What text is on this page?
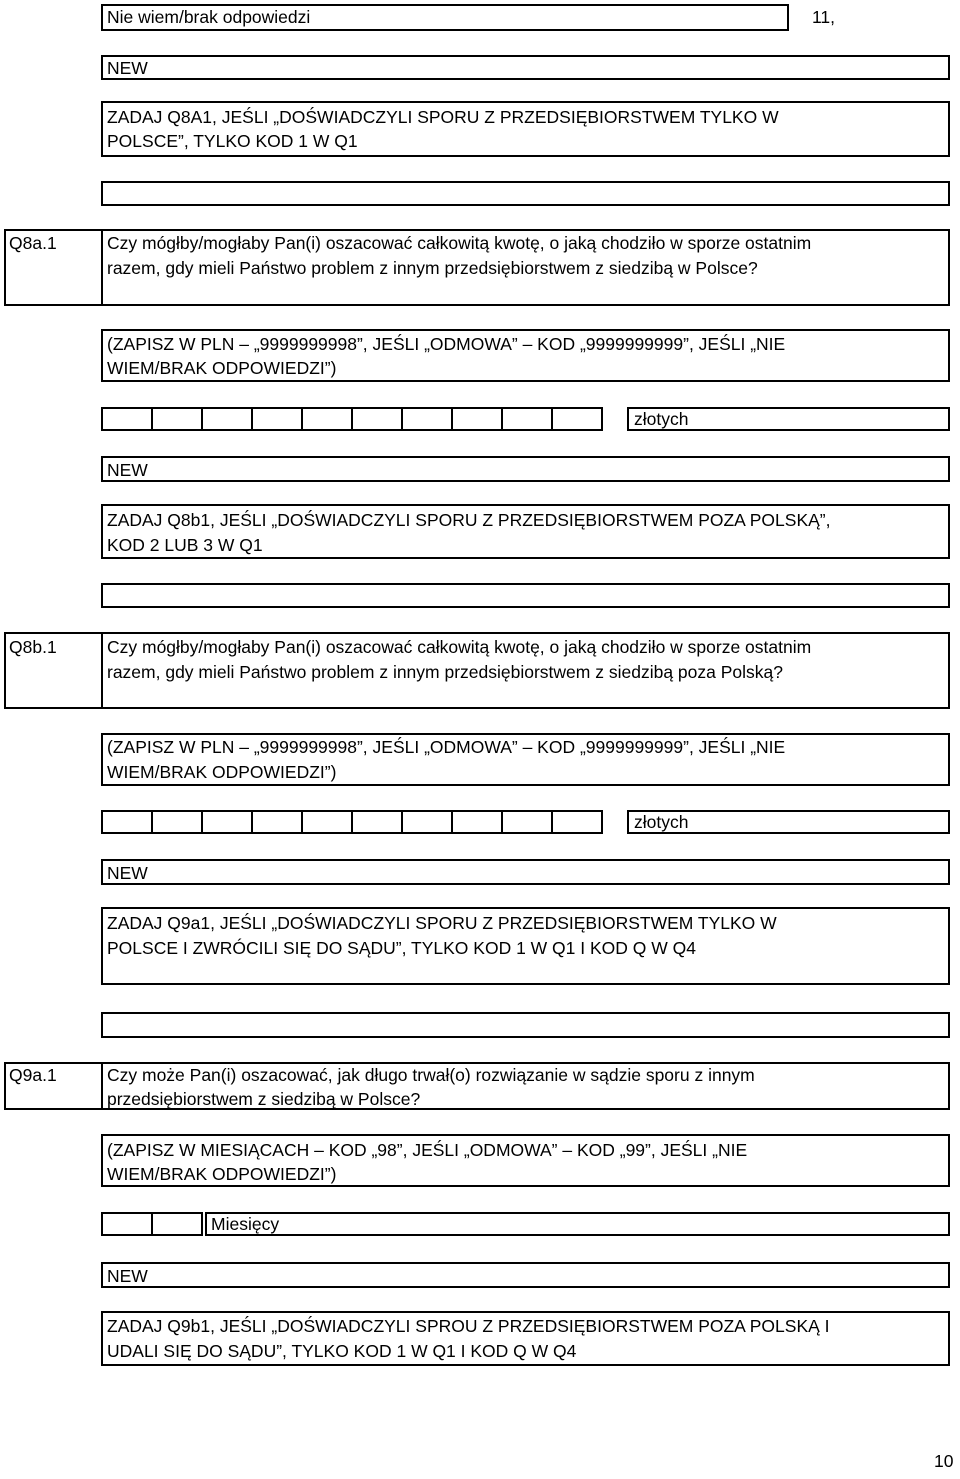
Nie wiem/brak odpowiedzi	11,
NEW
ZADAJ Q8A1, JEŚLI „DOŚWIADCZYLI SPORU Z PRZEDSIĘBIORSTWEM TYLKO W
POLSCE”, TYLKO KOD 1 W Q1
Q8a.1	Czy mógłby/mogłaby Pan(i) oszacować całkowitą kwotę, o jaką chodziło w sporze ostatnim
razem, gdy mieli Państwo problem z innym przedsiębiorstwem z siedzibą w Polsce?
(ZAPISZ W PLN – „9999999998”, JEŚLI „ODMOWA” – KOD „9999999999”, JEŚLI „NIE
WIEM/BRAK ODPOWIEDZI”)
złotych
NEW
ZADAJ Q8b1, JEŚLI „DOŚWIADCZYLI SPORU Z PRZEDSIĘBIORSTWEM POZA POLSKĄ”,
KOD 2 LUB 3 W Q1
Q8b.1	Czy mógłby/mogłaby Pan(i) oszacować całkowitą kwotę, o jaką chodziło w sporze ostatnim
razem, gdy mieli Państwo problem z innym przedsiębiorstwem z siedzibą poza Polską?
(ZAPISZ W PLN – „9999999998”, JEŚLI „ODMOWA” – KOD „9999999999”, JEŚLI „NIE
WIEM/BRAK ODPOWIEDZI”)
złotych
NEW
ZADAJ Q9a1, JEŚLI „DOŚWIADCZYLI SPORU Z PRZEDSIĘBIORSTWEM TYLKO W
POLSCE I ZWRÓCILI SIĘ DO SĄDU”, TYLKO KOD 1 W Q1 I KOD Q W Q4
Q9a.1	Czy może Pan(i) oszacować, jak długo trwał(o) rozwiązanie w sądzie sporu z innym
przedsiębiorstwem z siedzibą w Polsce?
(ZAPISZ W MIESIĄCACH – KOD „98”, JEŚLI „ODMOWA” – KOD „99”, JEŚLI „NIE
WIEM/BRAK ODPOWIEDZI”)
Miesięcy
NEW
ZADAJ Q9b1, JEŚLI „DOŚWIADCZYLI SPROU Z PRZEDSIĘBIORSTWEM POZA POLSKĄ I
UDALI SIĘ DO SĄDU”, TYLKO KOD 1 W Q1 I KOD Q W Q4
10
